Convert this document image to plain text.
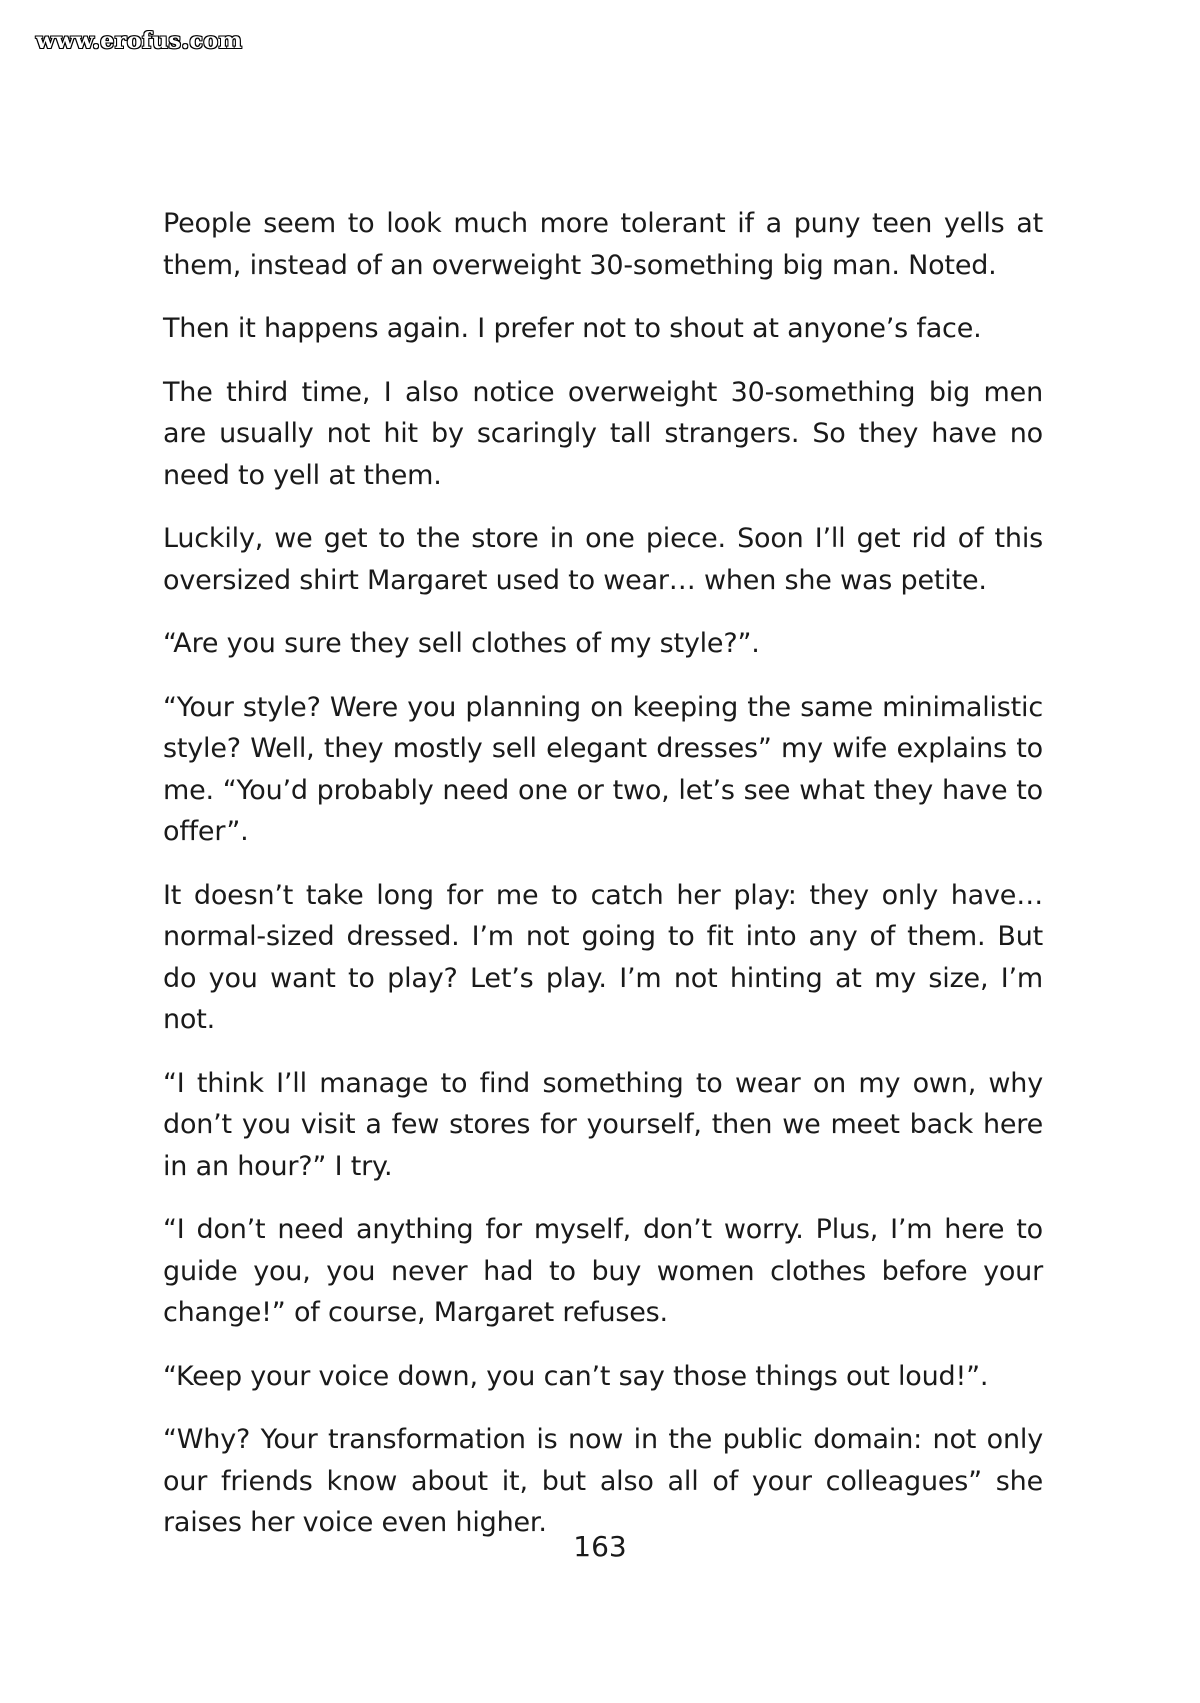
www.erofus.com

People seem to look much more tolerant if a puny teen yells at them, instead of an overweight 30-something big man. Noted.

Then it happens again. I prefer not to shout at anyone’s face.

The third time, I also notice overweight 30-something big men are usually not hit by scaringly tall strangers. So they have no need to yell at them.

Luckily, we get to the store in one piece. Soon I’ll get rid of this oversized shirt Margaret used to wear… when she was petite.

“Are you sure they sell clothes of my style?”.

“Your style? Were you planning on keeping the same minimalistic style? Well, they mostly sell elegant dresses” my wife explains to me. “You’d probably need one or two, let’s see what they have to offer”.

It doesn’t take long for me to catch her play: they only have… normal-sized dressed. I’m not going to fit into any of them. But do you want to play? Let’s play. I’m not hinting at my size, I’m not.

“I think I’ll manage to find something to wear on my own, why don’t you visit a few stores for yourself, then we meet back here in an hour?” I try.

“I don’t need anything for myself, don’t worry. Plus, I’m here to guide you, you never had to buy women clothes before your change!” of course, Margaret refuses.

“Keep your voice down, you can’t say those things out loud!”.

“Why? Your transformation is now in the public domain: not only our friends know about it, but also all of your colleagues” she raises her voice even higher.

163
